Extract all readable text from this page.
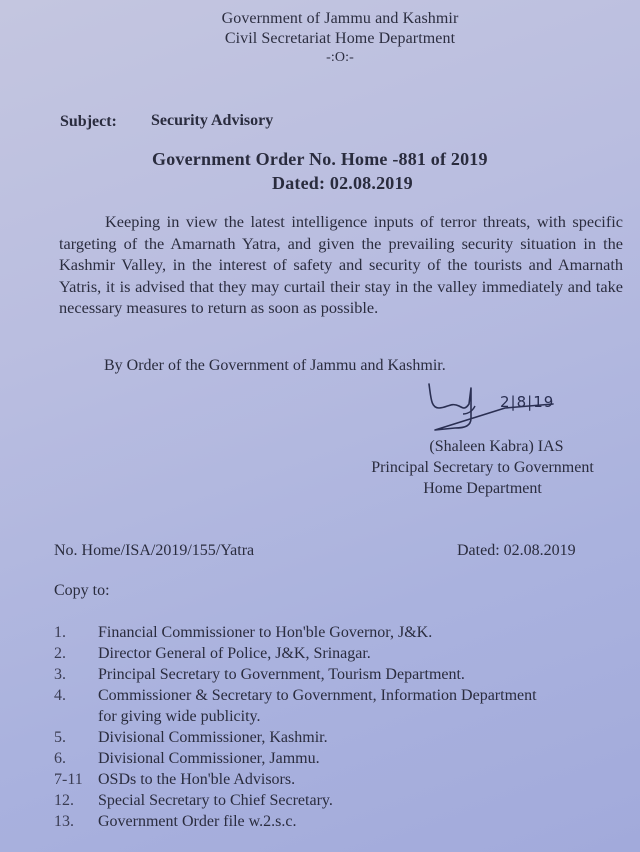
Government of Jammu and Kashmir
Civil Secretariat Home Department
-:O:-
Subject: Security Advisory
Government Order No. Home -881 of 2019
Dated: 02.08.2019
Keeping in view the latest intelligence inputs of terror threats, with specific targeting of the Amarnath Yatra, and given the prevailing security situation in the Kashmir Valley, in the interest of safety and security of the tourists and Amarnath Yatris, it is advised that they may curtail their stay in the valley immediately and take necessary measures to return as soon as possible.
By Order of the Government of Jammu and Kashmir.
2|8|19
(Shaleen Kabra) IAS
Principal Secretary to Government
Home Department
No. Home/ISA/2019/155/Yatra	Dated: 02.08.2019
Copy to:
1.	Financial Commissioner to Hon'ble Governor, J&K.
2.	Director General of Police, J&K, Srinagar.
3.	Principal Secretary to Government, Tourism Department.
4.	Commissioner & Secretary to Government, Information Department
for giving wide publicity.
5.	Divisional Commissioner, Kashmir.
6.	Divisional Commissioner, Jammu.
7-11 OSDs to the Hon'ble Advisors.
12.	Special Secretary to Chief Secretary.
13.	Government Order file w.2.s.c.
